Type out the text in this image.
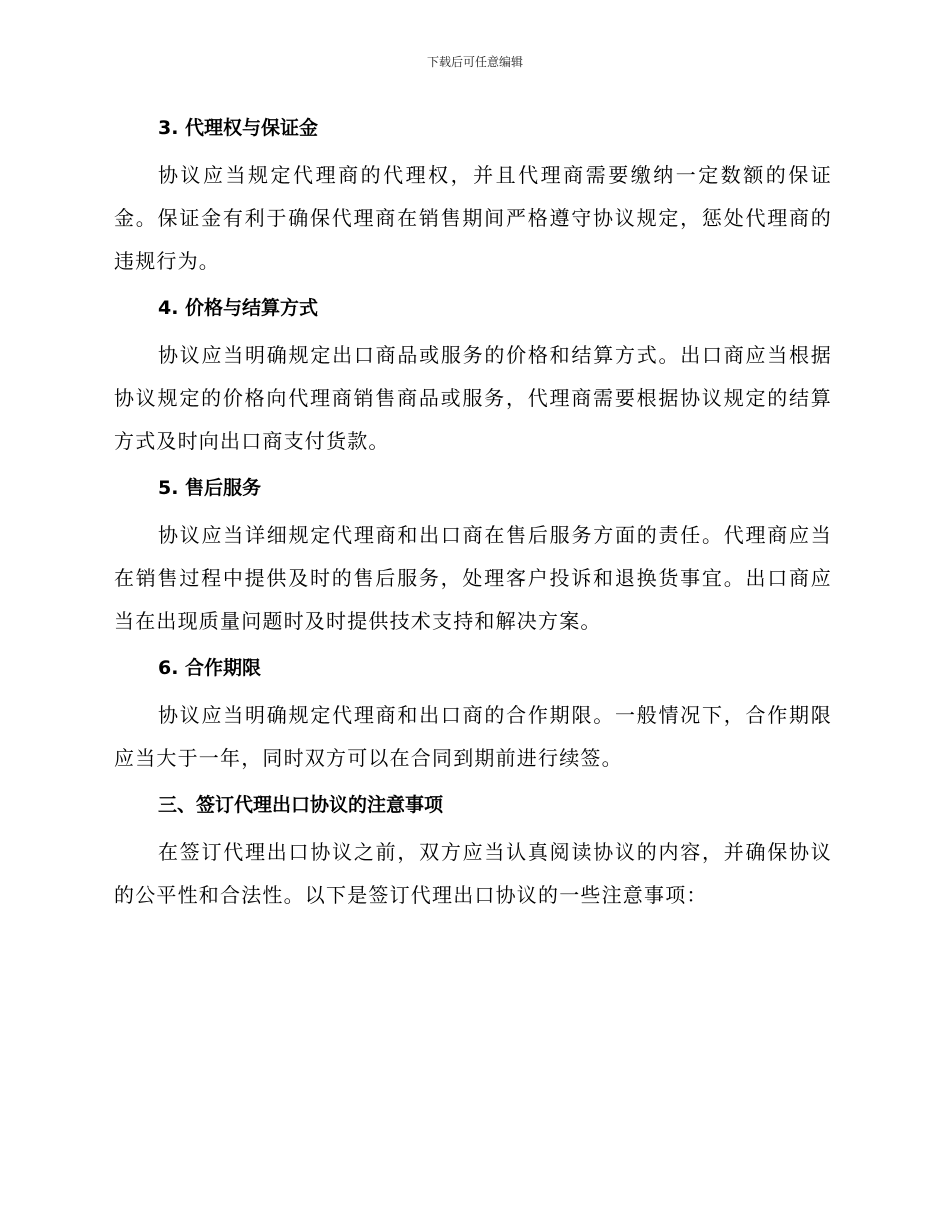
下载后可任意编辑
3. 代理权与保证金

协议应当规定代理商的代理权，并且代理商需要缴纳一定数额的保证金。保证金有利于确保代理商在销售期间严格遵守协议规定，惩处代理商的违规行为。

4. 价格与结算方式

协议应当明确规定出口商品或服务的价格和结算方式。出口商应当根据协议规定的价格向代理商销售商品或服务，代理商需要根据协议规定的结算方式及时向出口商支付货款。

5. 售后服务

协议应当详细规定代理商和出口商在售后服务方面的责任。代理商应当在销售过程中提供及时的售后服务，处理客户投诉和退换货事宜。出口商应当在出现质量问题时及时提供技术支持和解决方案。

6. 合作期限

协议应当明确规定代理商和出口商的合作期限。一般情况下，合作期限应当大于一年，同时双方可以在合同到期前进行续签。

三、签订代理出口协议的注意事项

在签订代理出口协议之前，双方应当认真阅读协议的内容，并确保协议的公平性和合法性。以下是签订代理出口协议的一些注意事项：
